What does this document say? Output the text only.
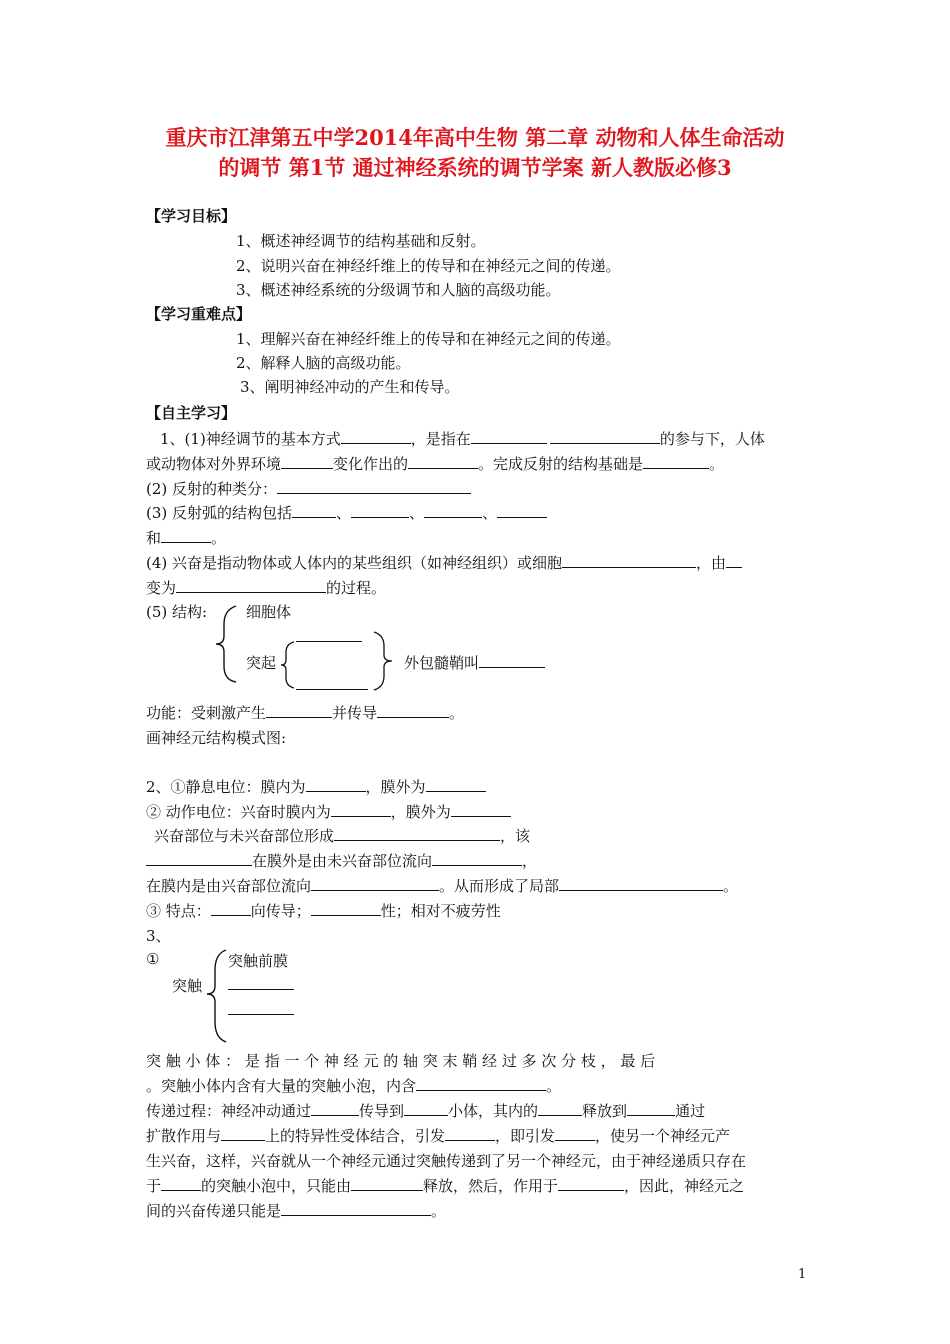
重庆市江津第五中学2014年高中生物 第二章 动物和人体生命活动
的调节 第1节 通过神经系统的调节学案 新人教版必修3
【学习目标】
1、概述神经调节的结构基础和反射。
2、说明兴奋在神经纤维上的传导和在神经元之间的传递。
3、概述神经系统的分级调节和人脑的高级功能。
【学习重难点】
1、理解兴奋在神经纤维上的传导和在神经元之间的传递。
2、解释人脑的高级功能。
3、阐明神经冲动的产生和传导。
【自主学习】
1、(1)神经调节的基本方式	，是指在	的参与下，人体
或动物体对外界环境	变化作出的	。完成反射的结构基础是	。
(2) 反射的种类分：
(3) 反射弧的结构包括	、	、	、
和	。
(4) 兴奋是指动物体或人体内的某些组织（如神经组织）或细胞	，由
变为	的过程。
(5) 结构:	细胞体
突起	外包髓鞘叫
功能：受刺激产生	并传导	。
画神经元结构模式图:
2、①静息电位：膜内为	，膜外为
② 动作电位：兴奋时膜内为	，膜外为
兴奋部位与未兴奋部位形成	，该
在膜外是由未兴奋部位流向	，
在膜内是由兴奋部位流向	。从而形成了局部	。
③ 特点：	向传导；	性；相对不疲劳性
3、
①
突触
突触前膜
突 触 小 体 ： 是 指 一 个 神 经 元 的 轴 突 末 鞘 经 过 多 次 分 枝 ， 最 后
。突触小体内含有大量的突触小泡，内含	。
传递过程：神经冲动通过	传导到	小体，其内的	释放到	通过
扩散作用与	上的特异性受体结合，引发	，即引发	，使另一个神经元产
生兴奋，这样，兴奋就从一个神经元通过突触传递到了另一个神经元，由于神经递质只存在
于	的突触小泡中，只能由	释放，然后，作用于	，因此，神经元之
间的兴奋传递只能是	。
1
